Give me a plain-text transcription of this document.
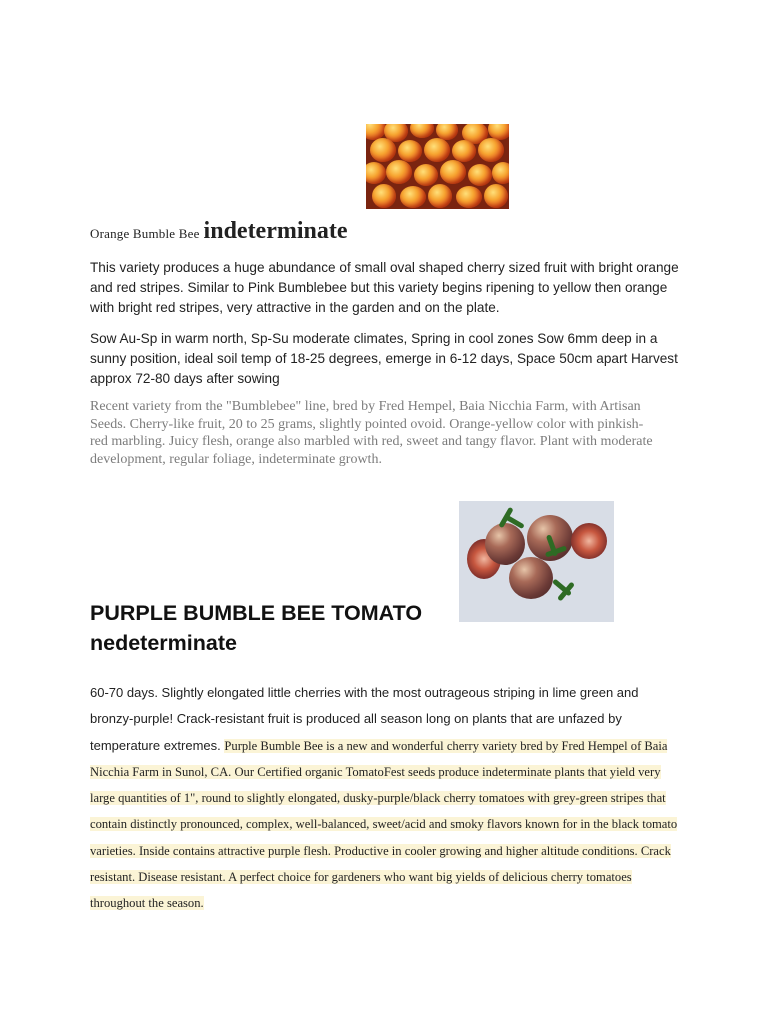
Orange Bumble Bee indeterminate
This variety produces a huge abundance of small oval shaped cherry sized fruit with bright orange and red stripes. Similar to Pink Bumblebee but this variety begins ripening to yellow then orange with bright red stripes, very attractive in the garden and on the plate.
Sow Au-Sp in warm north, Sp-Su moderate climates, Spring in cool zones Sow 6mm deep in a sunny position, ideal soil temp of 18-25 degrees, emerge in 6-12 days, Space 50cm apart Harvest approx 72-80 days after sowing
Recent variety from the "Bumblebee" line, bred by Fred Hempel, Baia Nicchia Farm, with Artisan Seeds. Cherry-like fruit, 20 to 25 grams, slightly pointed ovoid. Orange-yellow color with pinkish-red marbling. Juicy flesh, orange also marbled with red, sweet and tangy flavor. Plant with moderate development, regular foliage, indeterminate growth.
PURPLE BUMBLE BEE TOMATO
nedeterminate
60-70 days. Slightly elongated little cherries with the most outrageous striping in lime green and bronzy-purple! Crack-resistant fruit is produced all season long on plants that are unfazed by temperature extremes. Purple Bumble Bee is a new and wonderful cherry variety bred by Fred Hempel of Baia Nicchia Farm in Sunol, CA. Our Certified organic TomatoFest seeds produce indeterminate plants that yield very large quantities of 1", round to slightly elongated, dusky-purple/black cherry tomatoes with grey-green stripes that contain distinctly pronounced, complex, well-balanced, sweet/acid and smoky flavors known for in the black tomato varieties. Inside contains attractive purple flesh. Productive in cooler growing and higher altitude conditions. Crack resistant. Disease resistant. A perfect choice for gardeners who want big yields of delicious cherry tomatoes throughout the season.
